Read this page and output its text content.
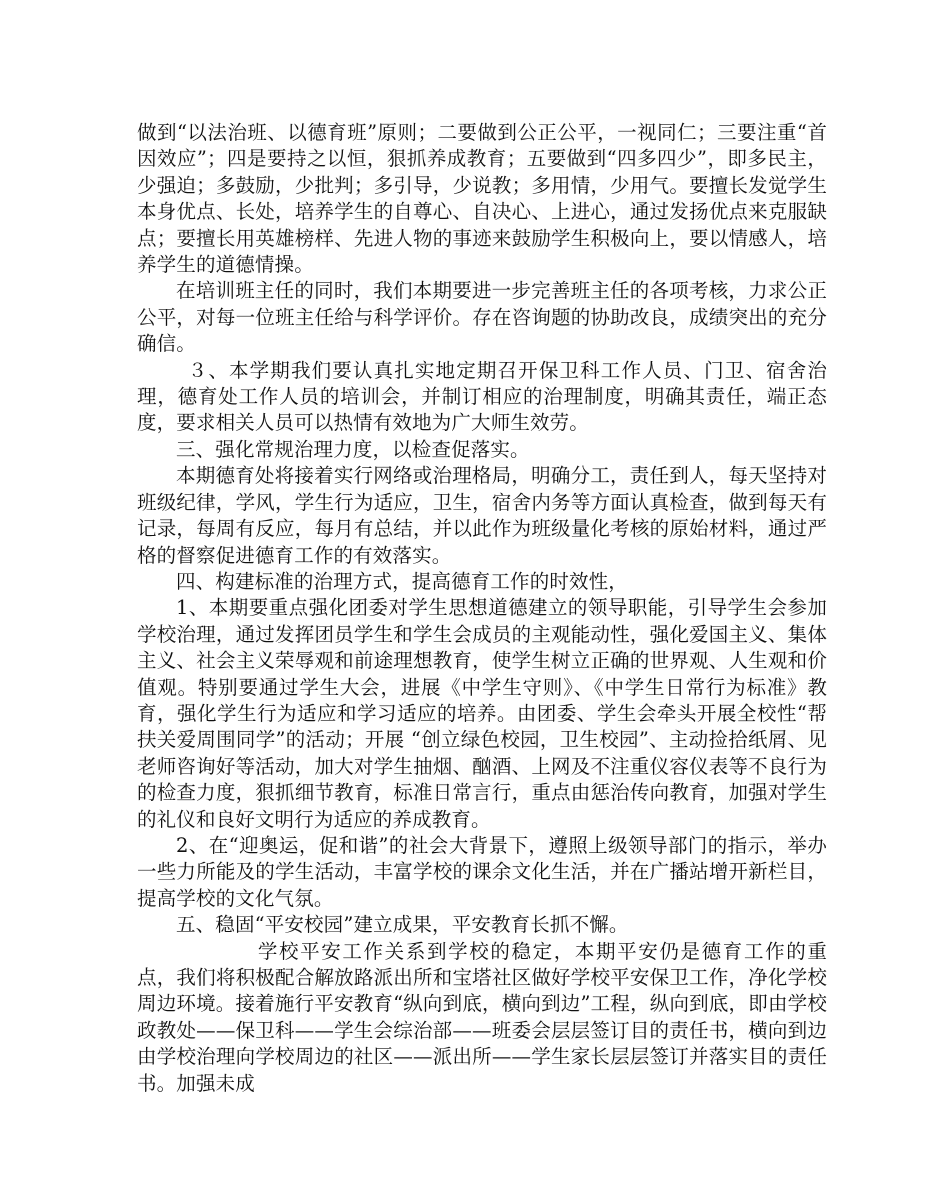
做到“以法治班、以德育班”原则；二要做到公正公平，一视同仁；三要注重“首因效应”；四是要持之以恒，狠抓养成教育；五要做到“四多四少”，即多民主，少强迫；多鼓励，少批判；多引导，少说教；多用情，少用气。要擅长发觉学生本身优点、长处，培养学生的自尊心、自决心、上进心，通过发扬优点来克服缺点；要擅长用英雄榜样、先进人物的事迹来鼓励学生积极向上，要以情感人，培养学生的道德情操。

在培训班主任的同时，我们本期要进一步完善班主任的各项考核，力求公正公平，对每一位班主任给与科学评价。存在咨询题的协助改良，成绩突出的充分确信。

３、本学期我们要认真扎实地定期召开保卫科工作人员、门卫、宿舍治理，德育处工作人员的培训会，并制订相应的治理制度，明确其责任，端正态度，要求相关人员可以热情有效地为广大师生效劳。

三、强化常规治理力度，以检查促落实。

本期德育处将接着实行网络或治理格局，明确分工，责任到人，每天坚持对班级纪律，学风，学生行为适应，卫生，宿舍内务等方面认真检查，做到每天有记录，每周有反应，每月有总结，并以此作为班级量化考核的原始材料，通过严格的督察促进德育工作的有效落实。

四、构建标准的治理方式，提高德育工作的时效性，

1、本期要重点强化团委对学生思想道德建立的领导职能，引导学生会参加学校治理，通过发挥团员学生和学生会成员的主观能动性，强化爱国主义、集体主义、社会主义荣辱观和前途理想教育，使学生树立正确的世界观、人生观和价值观。特别要通过学生大会，进展《中学生守则》、《中学生日常行为标准》教育，强化学生行为适应和学习适应的培养。由团委、学生会牵头开展全校性“帮扶关爱周围同学”的活动；开展 “创立绿色校园，卫生校园”、主动捡拾纸屑、见老师咨询好等活动，加大对学生抽烟、酗酒、上网及不注重仪容仪表等不良行为的检查力度，狠抓细节教育，标准日常言行，重点由惩治传向教育，加强对学生的礼仪和良好文明行为适应的养成教育。

2、在“迎奥运，促和谐”的社会大背景下，遵照上级领导部门的指示，举办一些力所能及的学生活动，丰富学校的课余文化生活，并在广播站增开新栏目，提高学校的文化气氛。

五、稳固“平安校园”建立成果，平安教育长抓不懈。

学校平安工作关系到学校的稳定，本期平安仍是德育工作的重点，我们将积极配合解放路派出所和宝塔社区做好学校平安保卫工作，净化学校周边环境。接着施行平安教育“纵向到底，横向到边”工程，纵向到底，即由学校政教处——保卫科——学生会综治部——班委会层层签订目的责任书，横向到边由学校治理向学校周边的社区——派出所——学生家长层层签订并落实目的责任书。加强未成
